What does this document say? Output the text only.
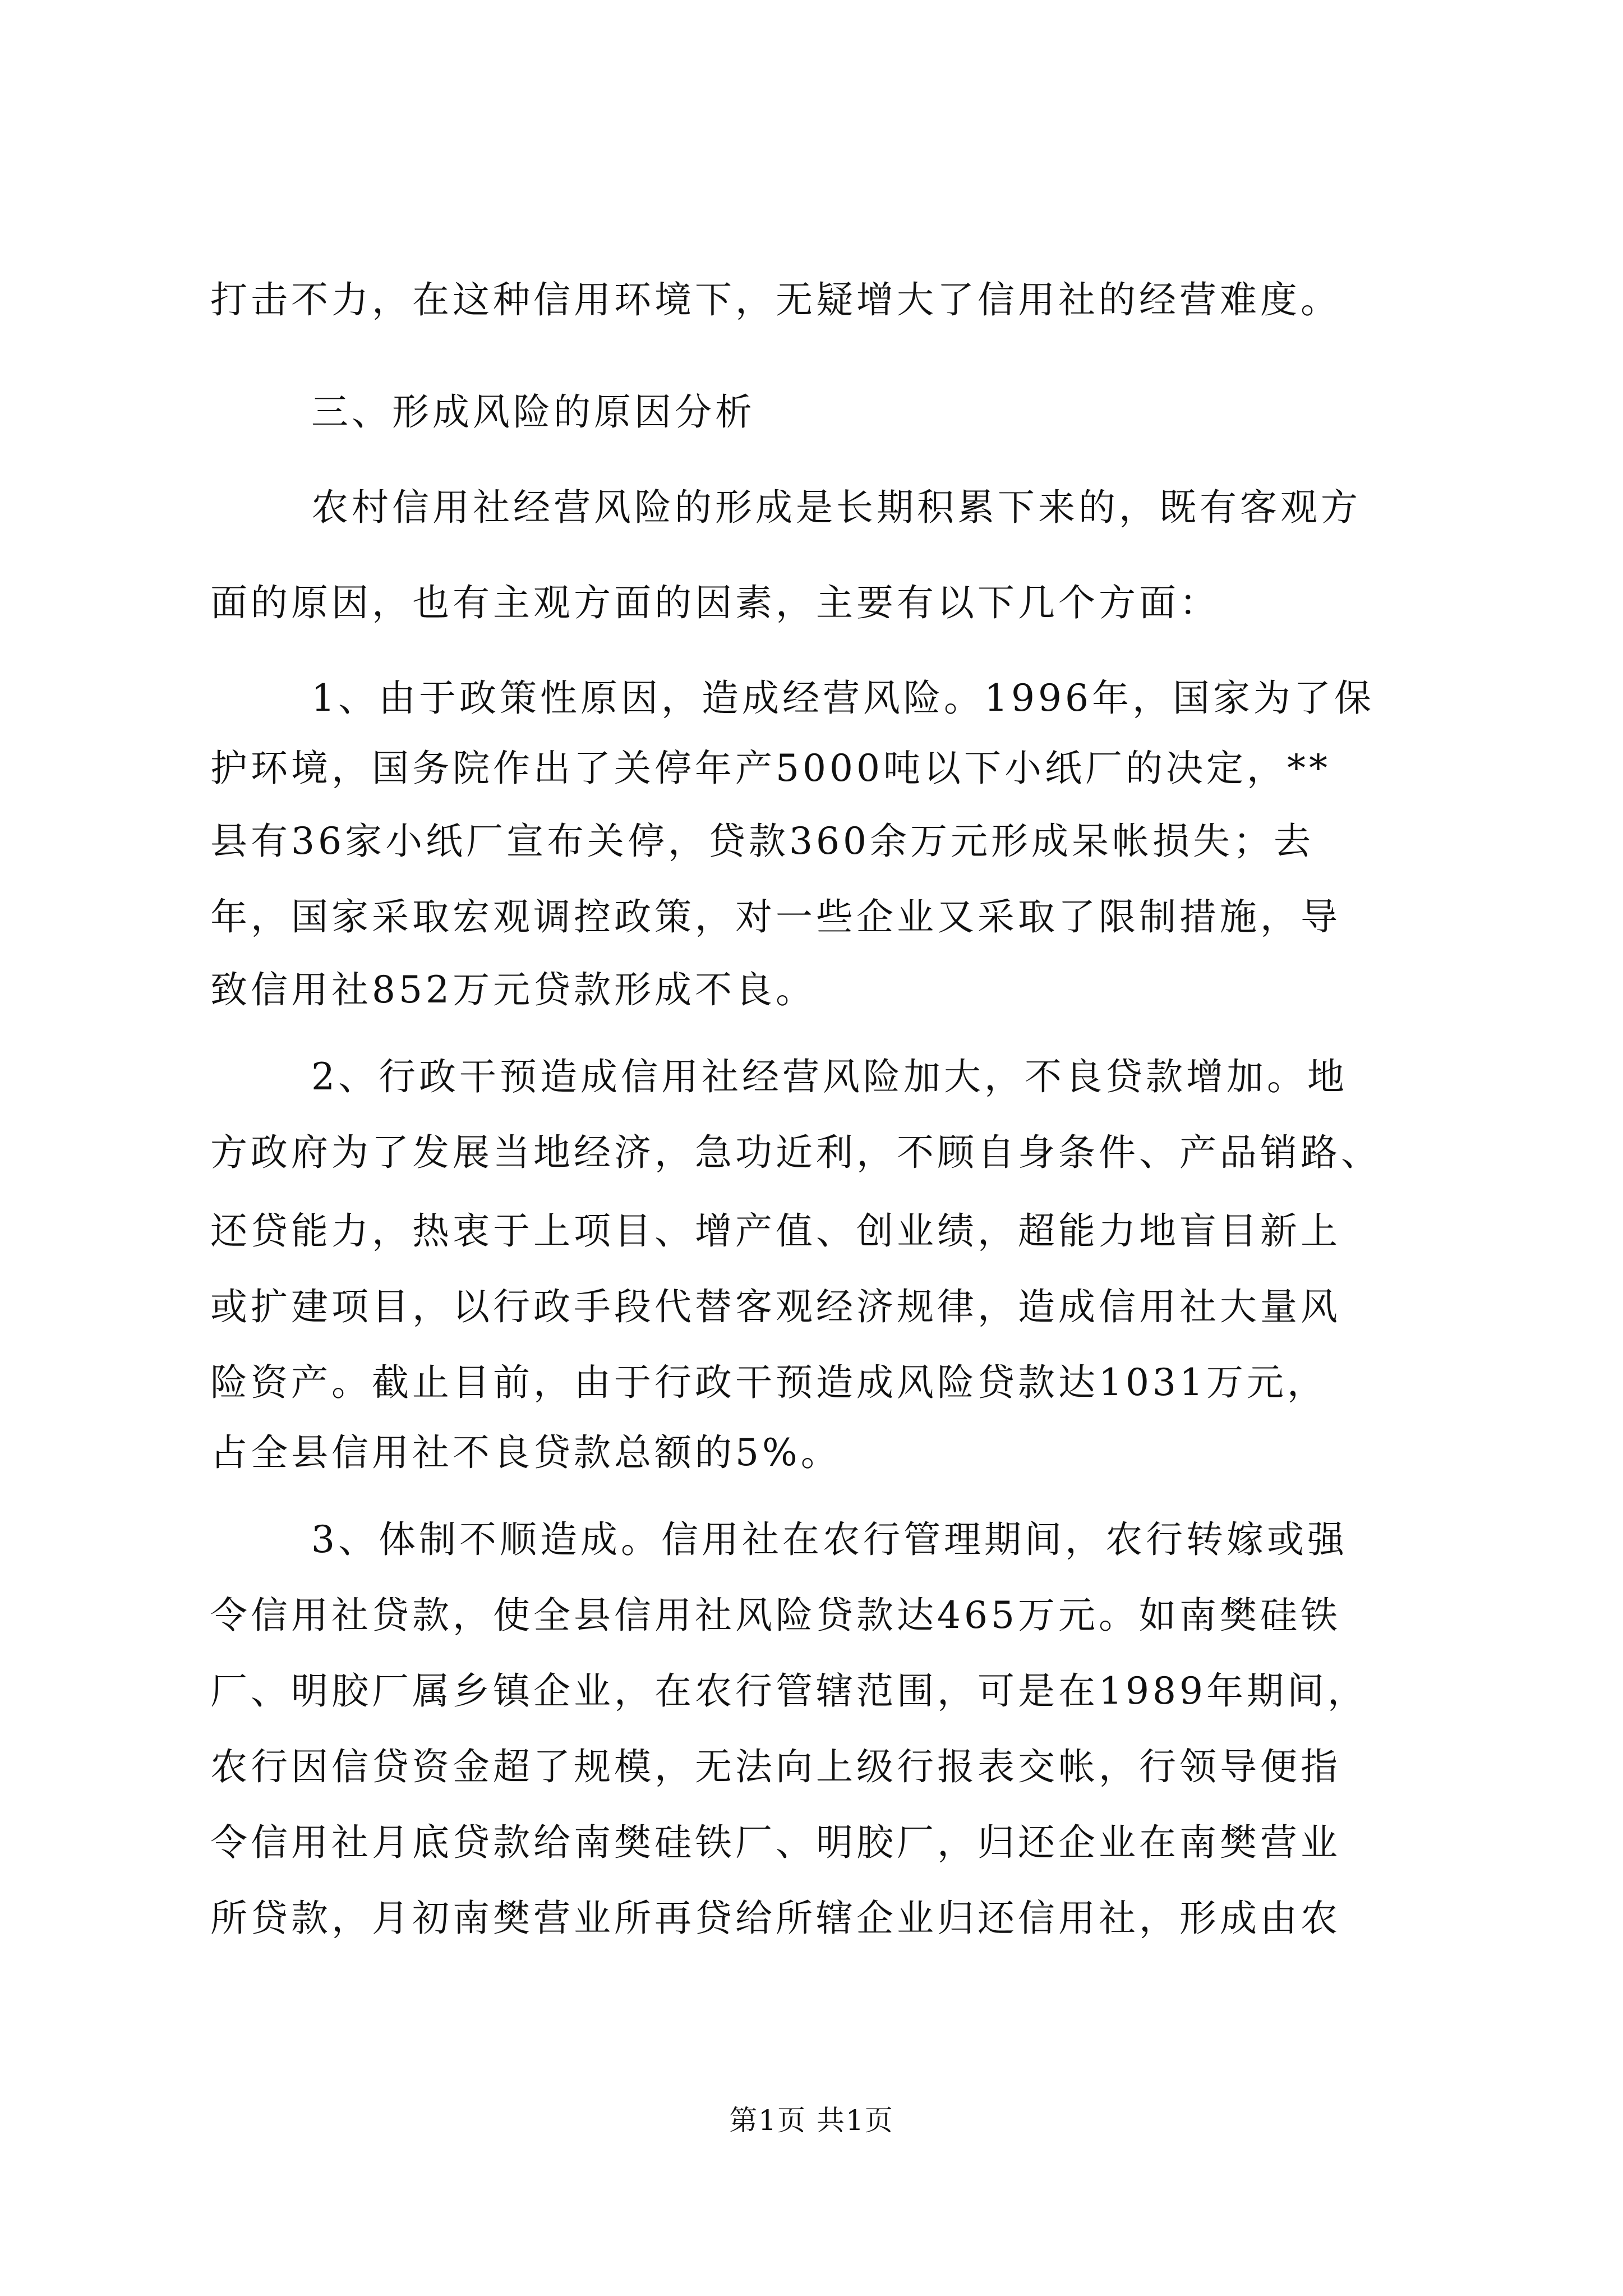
打击不力，在这种信用环境下，无疑增大了信用社的经营难度。
三、形成风险的原因分析
农村信用社经营风险的形成是长期积累下来的，既有客观方
面的原因，也有主观方面的因素，主要有以下几个方面：
1、由于政策性原因，造成经营风险。1996年，国家为了保
护环境，国务院作出了关停年产5000吨以下小纸厂的决定，**
县有36家小纸厂宣布关停，贷款360余万元形成呆帐损失；去
年，国家采取宏观调控政策，对一些企业又采取了限制措施，导
致信用社852万元贷款形成不良。
2、行政干预造成信用社经营风险加大，不良贷款增加。地
方政府为了发展当地经济，急功近利，不顾自身条件、产品销路、
还贷能力，热衷于上项目、增产值、创业绩，超能力地盲目新上
或扩建项目，以行政手段代替客观经济规律，造成信用社大量风
险资产。截止目前，由于行政干预造成风险贷款达1031万元，
占全县信用社不良贷款总额的5%。
3、体制不顺造成。信用社在农行管理期间，农行转嫁或强
令信用社贷款，使全县信用社风险贷款达465万元。如南樊硅铁
厂、明胶厂属乡镇企业，在农行管辖范围，可是在1989年期间，
农行因信贷资金超了规模，无法向上级行报表交帐，行领导便指
令信用社月底贷款给南樊硅铁厂、明胶厂，归还企业在南樊营业
所贷款，月初南樊营业所再贷给所辖企业归还信用社，形成由农
第1页 共1页
